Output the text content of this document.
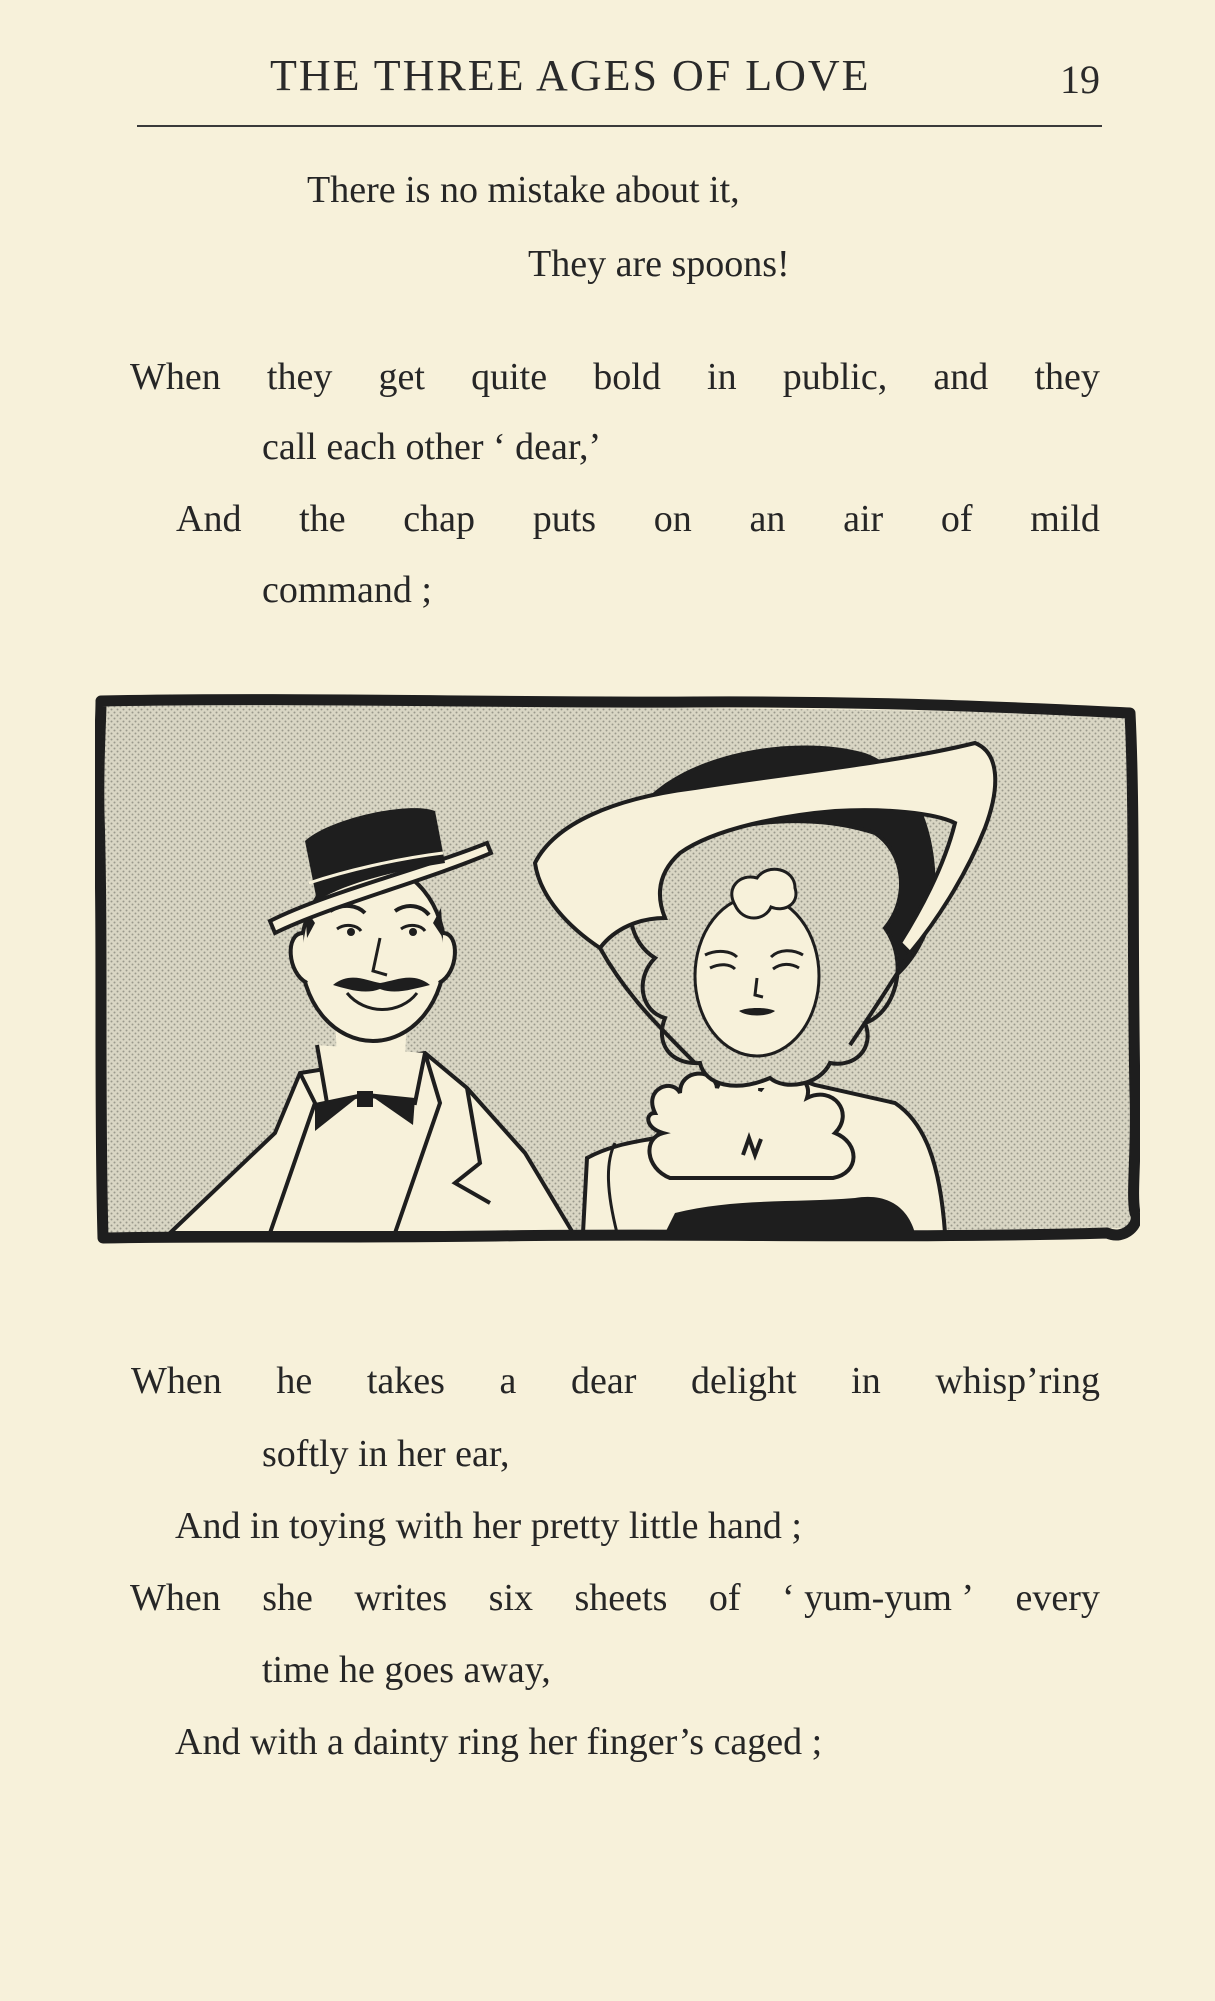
THE THREE AGES OF LOVE	19
There is no mistake about it,
They are spoons!
When they get quite bold in public, and they
call each other ‘ dear,’
And the chap puts on an air of mild
command ;
When he takes a dear delight in whisp’ring
softly in her ear,
And in toying with her pretty little hand ;
When she writes six sheets of ‘ yum-yum ’ every
time he goes away,
And with a dainty ring her finger’s caged ;
